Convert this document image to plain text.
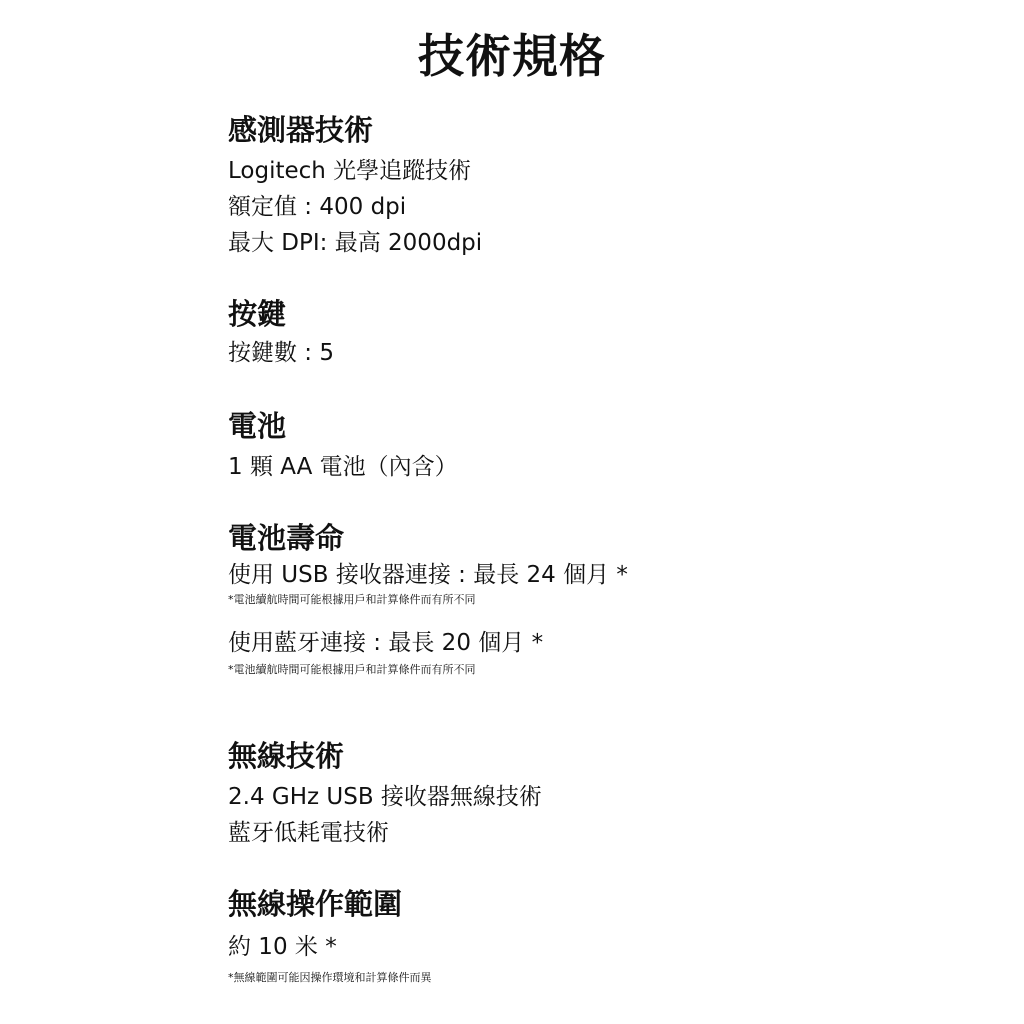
技術規格
感測器技術
Logitech 光學追蹤技術
額定值 : 400 dpi
最大 DPI: 最高 2000dpi
按鍵
按鍵數 : 5
電池
1 顆 AA 電池（內含）
電池壽命
使用 USB 接收器連接 : 最長 24 個月 *
*電池續航時間可能根據用戶和計算條件而有所不同
使用藍牙連接 : 最長 20 個月 *
*電池續航時間可能根據用戶和計算條件而有所不同
無線技術
2.4 GHz USB 接收器無線技術
藍牙低耗電技術
無線操作範圍
約 10 米 *
*無線範圍可能因操作環境和計算條件而異
